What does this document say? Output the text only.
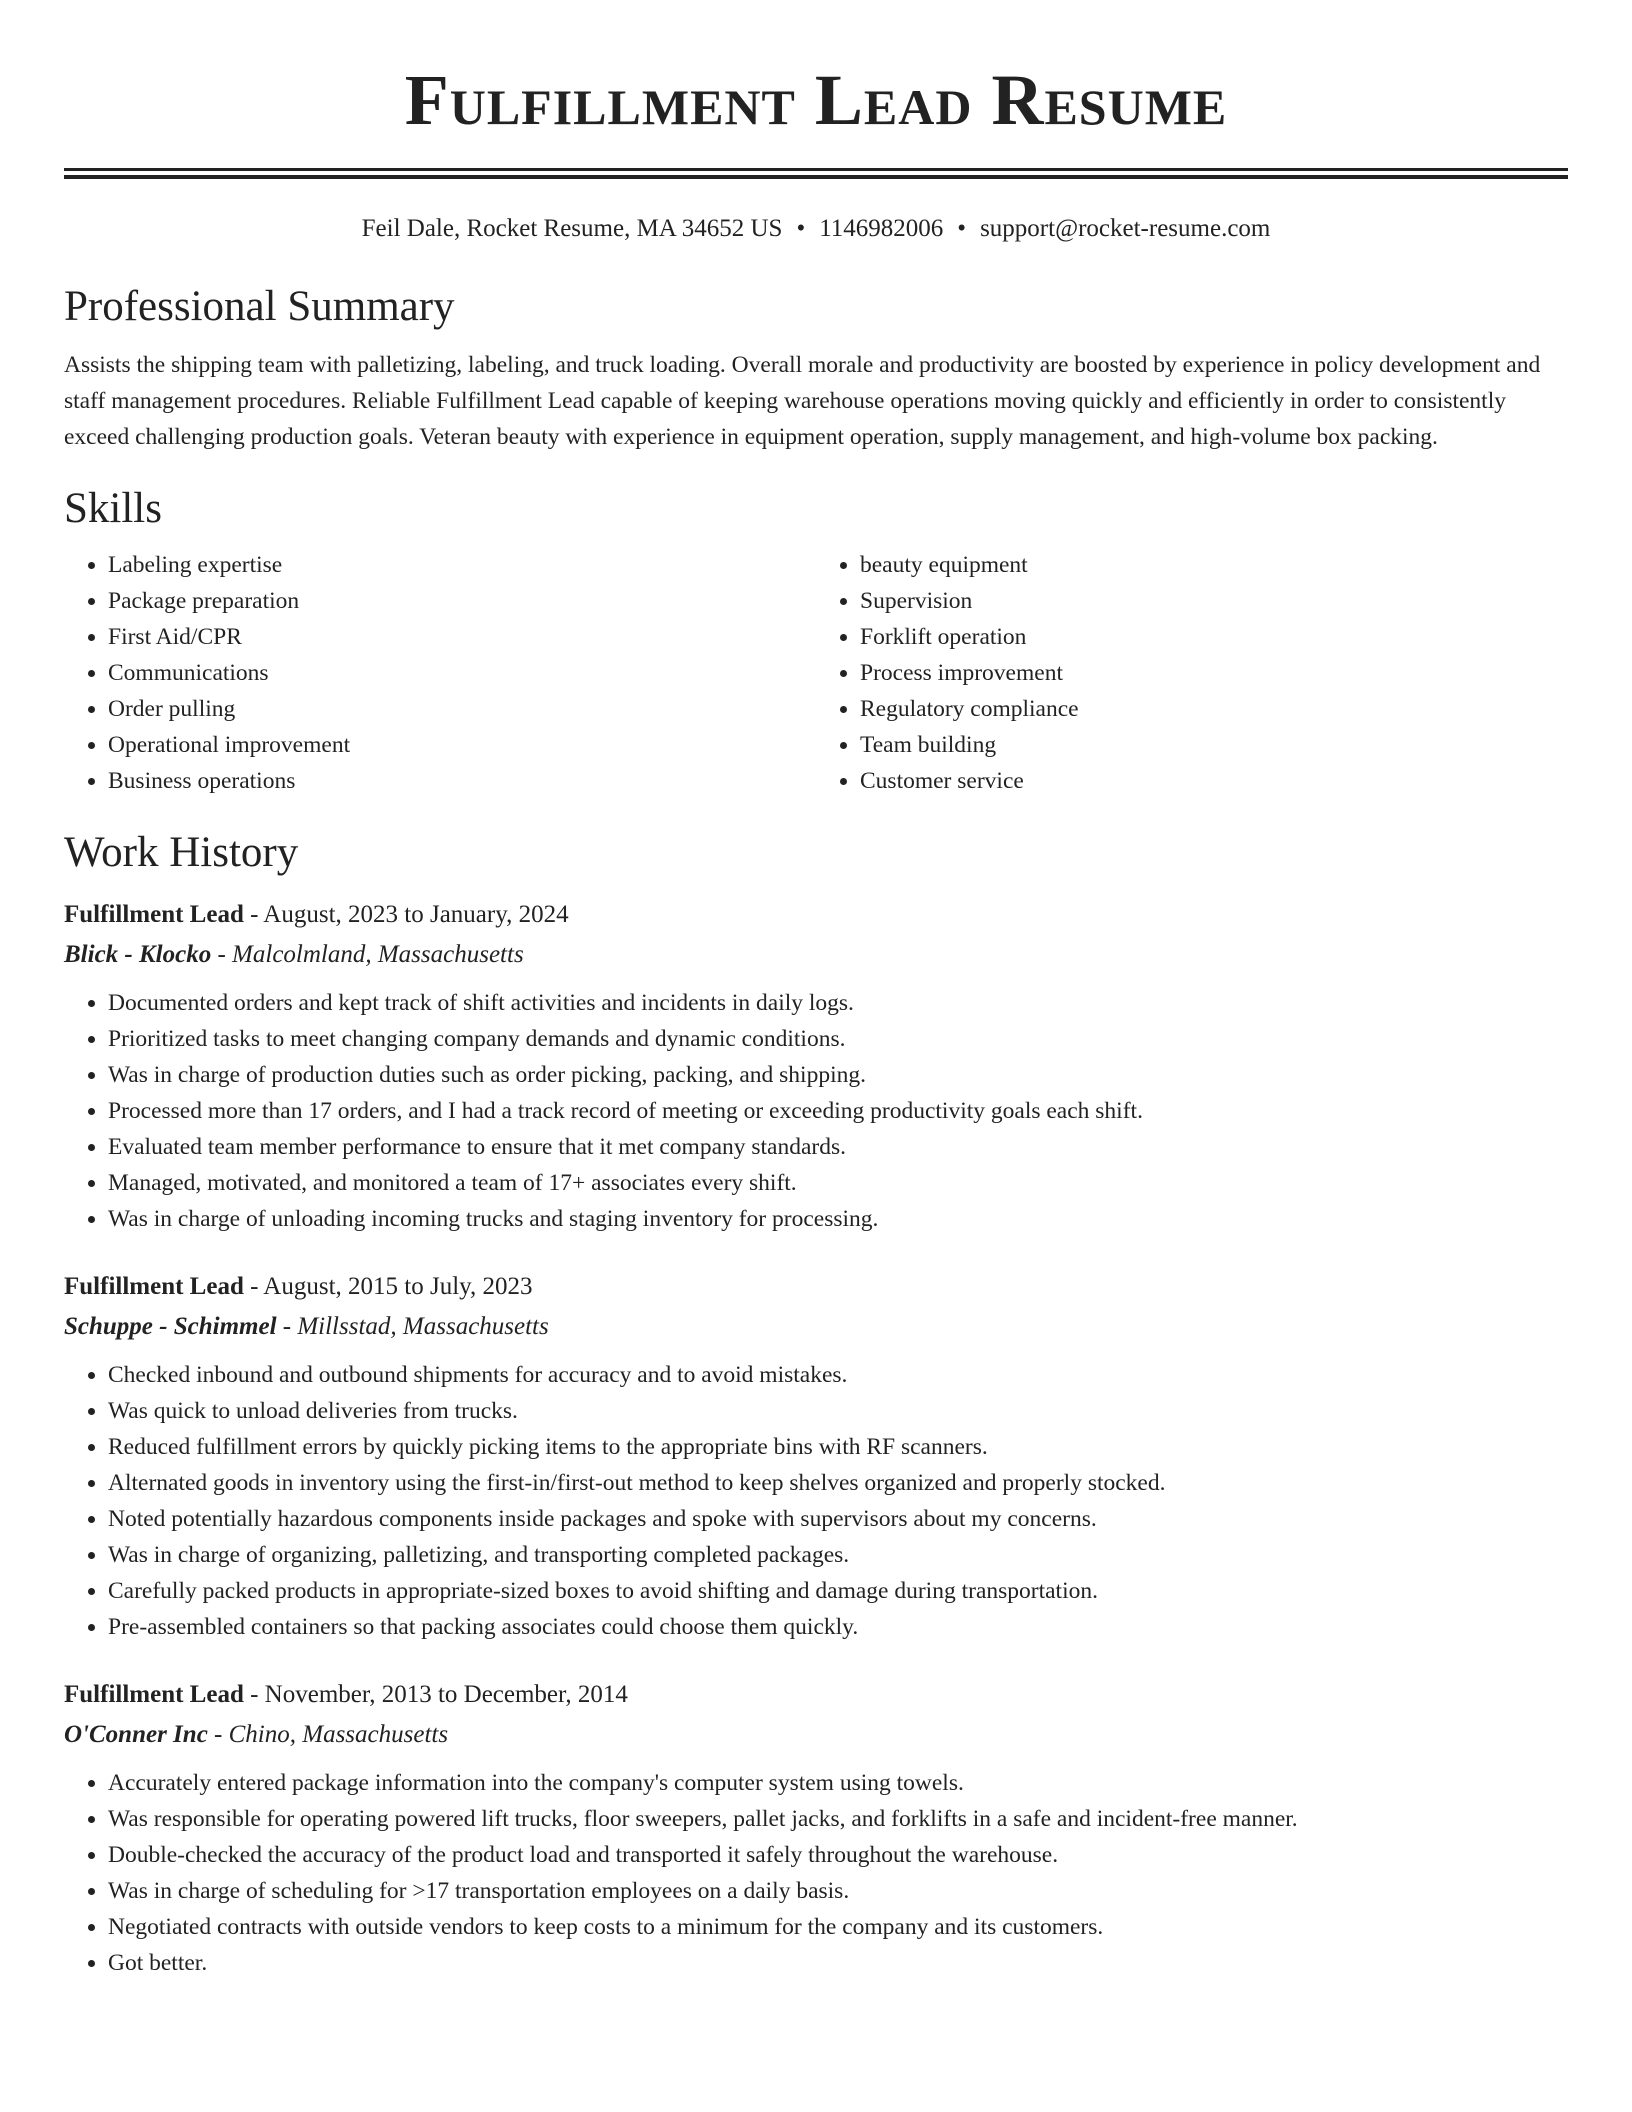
Fulfillment Lead Resume
Feil Dale, Rocket Resume, MA 34652 US • 1146982006 • support@rocket-resume.com
Professional Summary

Assists the shipping team with palletizing, labeling, and truck loading. Overall morale and productivity are boosted by experience in policy development and staff management procedures. Reliable Fulfillment Lead capable of keeping warehouse operations moving quickly and efficiently in order to consistently exceed challenging production goals. Veteran beauty with experience in equipment operation, supply management, and high-volume box packing.

Skills
• Labeling expertise
• Package preparation
• First Aid/CPR
• Communications
• Order pulling
• Operational improvement
• Business operations
• beauty equipment
• Supervision
• Forklift operation
• Process improvement
• Regulatory compliance
• Team building
• Customer service
Work History
Fulfillment Lead - August, 2023 to January, 2024
Blick - Klocko - Malcolmland, Massachusetts
• Documented orders and kept track of shift activities and incidents in daily logs.
• Prioritized tasks to meet changing company demands and dynamic conditions.
• Was in charge of production duties such as order picking, packing, and shipping.
• Processed more than 17 orders, and I had a track record of meeting or exceeding productivity goals each shift.
• Evaluated team member performance to ensure that it met company standards.
• Managed, motivated, and monitored a team of 17+ associates every shift.
• Was in charge of unloading incoming trucks and staging inventory for processing.
Fulfillment Lead - August, 2015 to July, 2023
Schuppe - Schimmel - Millsstad, Massachusetts
• Checked inbound and outbound shipments for accuracy and to avoid mistakes.
• Was quick to unload deliveries from trucks.
• Reduced fulfillment errors by quickly picking items to the appropriate bins with RF scanners.
• Alternated goods in inventory using the first-in/first-out method to keep shelves organized and properly stocked.
• Noted potentially hazardous components inside packages and spoke with supervisors about my concerns.
• Was in charge of organizing, palletizing, and transporting completed packages.
• Carefully packed products in appropriate-sized boxes to avoid shifting and damage during transportation.
• Pre-assembled containers so that packing associates could choose them quickly.
Fulfillment Lead - November, 2013 to December, 2014
O'Conner Inc - Chino, Massachusetts
• Accurately entered package information into the company's computer system using towels.
• Was responsible for operating powered lift trucks, floor sweepers, pallet jacks, and forklifts in a safe and incident-free manner.
• Double-checked the accuracy of the product load and transported it safely throughout the warehouse.
• Was in charge of scheduling for >17 transportation employees on a daily basis.
• Negotiated contracts with outside vendors to keep costs to a minimum for the company and its customers.
• Got better.
